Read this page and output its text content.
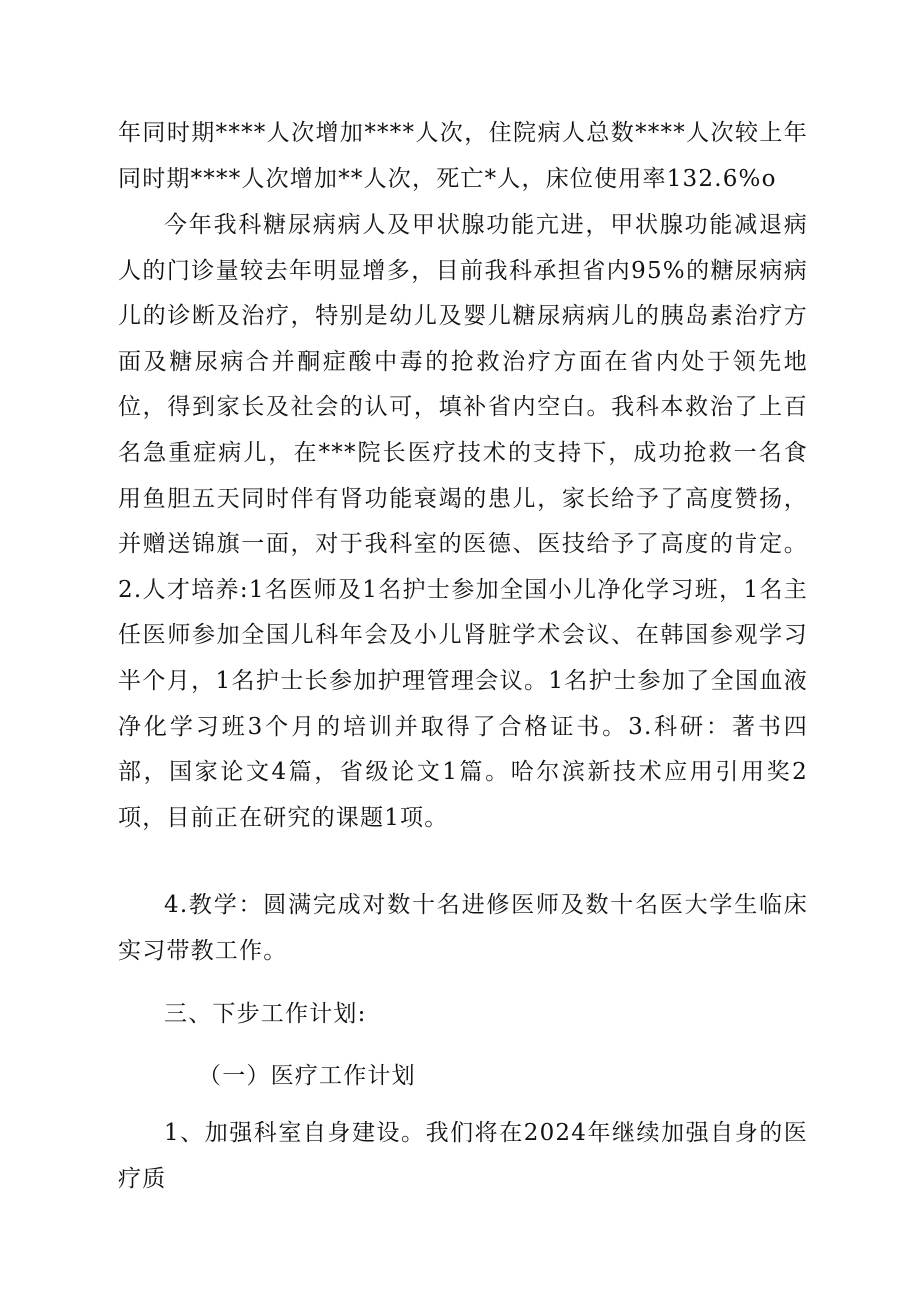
年同时期****人次增加****人次，住院病人总数****人次较上年同时期****人次增加**人次，死亡*人，床位使用率132.6%o

今年我科糖尿病病人及甲状腺功能亢进，甲状腺功能减退病人的门诊量较去年明显增多，目前我科承担省内95%的糖尿病病儿的诊断及治疗，特别是幼儿及婴儿糖尿病病儿的胰岛素治疗方面及糖尿病合并酮症酸中毒的抢救治疗方面在省内处于领先地位，得到家长及社会的认可，填补省内空白。我科本救治了上百名急重症病儿，在***院长医疗技术的支持下，成功抢救一名食用鱼胆五天同时伴有肾功能衰竭的患儿，家长给予了高度赞扬，并赠送锦旗一面，对于我科室的医德、医技给予了高度的肯定。2.人才培养:1名医师及1名护士参加全国小儿净化学习班，1名主任医师参加全国儿科年会及小儿肾脏学术会议、在韩国参观学习半个月，1名护士长参加护理管理会议。1名护士参加了全国血液净化学习班3个月的培训并取得了合格证书。3.科研：著书四部，国家论文4篇，省级论文1篇。哈尔滨新技术应用引用奖2项，目前正在研究的课题1项。

4.教学：圆满完成对数十名进修医师及数十名医大学生临床实习带教工作。

三、下步工作计划:

（一）医疗工作计划

1、加强科室自身建设。我们将在2024年继续加强自身的医疗质
